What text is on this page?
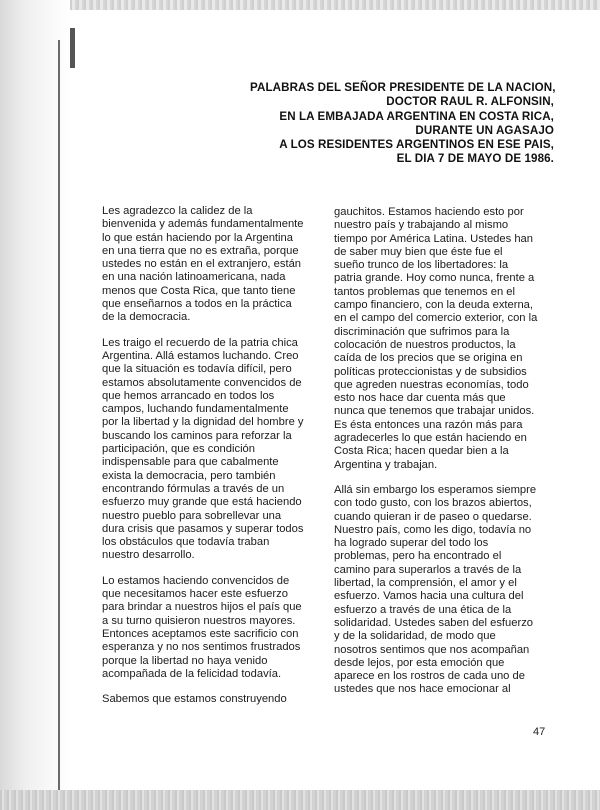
PALABRAS DEL SEÑOR PRESIDENTE DE LA NACION,
DOCTOR RAUL R. ALFONSIN,
EN LA EMBAJADA ARGENTINA EN COSTA RICA,
DURANTE UN AGASAJO
A LOS RESIDENTES ARGENTINOS EN ESE PAIS,
EL DIA 7 DE MAYO DE 1986.

Les agradezco la calidez de la
bienvenida y además fundamentalmente
lo que están haciendo por la Argentina
en una tierra que no es extraña, porque
ustedes no están en el extranjero, están
en una nación latinoamericana, nada
menos que Costa Rica, que tanto tiene
que enseñarnos a todos en la práctica
de la democracia.

Les traigo el recuerdo de la patria chica
Argentina. Allá estamos luchando. Creo
que la situación es todavía difícil, pero
estamos absolutamente convencidos de
que hemos arrancado en todos los
campos, luchando fundamentalmente
por la libertad y la dignidad del hombre y
buscando los caminos para reforzar la
participación, que es condición
indispensable para que cabalmente
exista la democracia, pero también
encontrando fórmulas a través de un
esfuerzo muy grande que está haciendo
nuestro pueblo para sobrellevar una
dura crisis que pasamos y superar todos
los obstáculos que todavía traban
nuestro desarrollo.

Lo estamos haciendo convencidos de
que necesitamos hacer este esfuerzo
para brindar a nuestros hijos el país que
a su turno quisieron nuestros mayores.
Entonces aceptamos este sacrificio con
esperanza y no nos sentimos frustrados
porque la libertad no haya venido
acompañada de la felicidad todavía.

Sabemos que estamos construyendo

gauchitos. Estamos haciendo esto por
nuestro país y trabajando al mismo
tiempo por América Latina. Ustedes han
de saber muy bien que éste fue el
sueño trunco de los libertadores: la
patria grande. Hoy como nunca, frente a
tantos problemas que tenemos en el
campo financiero, con la deuda externa,
en el campo del comercio exterior, con la
discriminación que sufrimos para la
colocación de nuestros productos, la
caída de los precios que se origina en
políticas proteccionistas y de subsidios
que agreden nuestras economías, todo
esto nos hace dar cuenta más que
nunca que tenemos que trabajar unidos.
Es ésta entonces una razón más para
agradecerles lo que están haciendo en
Costa Rica; hacen quedar bien a la
Argentina y trabajan.

Allá sin embargo los esperamos siempre
con todo gusto, con los brazos abiertos,
cuando quieran ir de paseo o quedarse.
Nuestro país, como les digo, todavía no
ha logrado superar del todo los
problemas, pero ha encontrado el
camino para superarlos a través de la
libertad, la comprensión, el amor y el
esfuerzo. Vamos hacia una cultura del
esfuerzo a través de una ética de la
solidaridad. Ustedes saben del esfuerzo
y de la solidaridad, de modo que
nosotros sentimos que nos acompañan
desde lejos, por esta emoción que
aparece en los rostros de cada uno de
ustedes que nos hace emocionar al

47
